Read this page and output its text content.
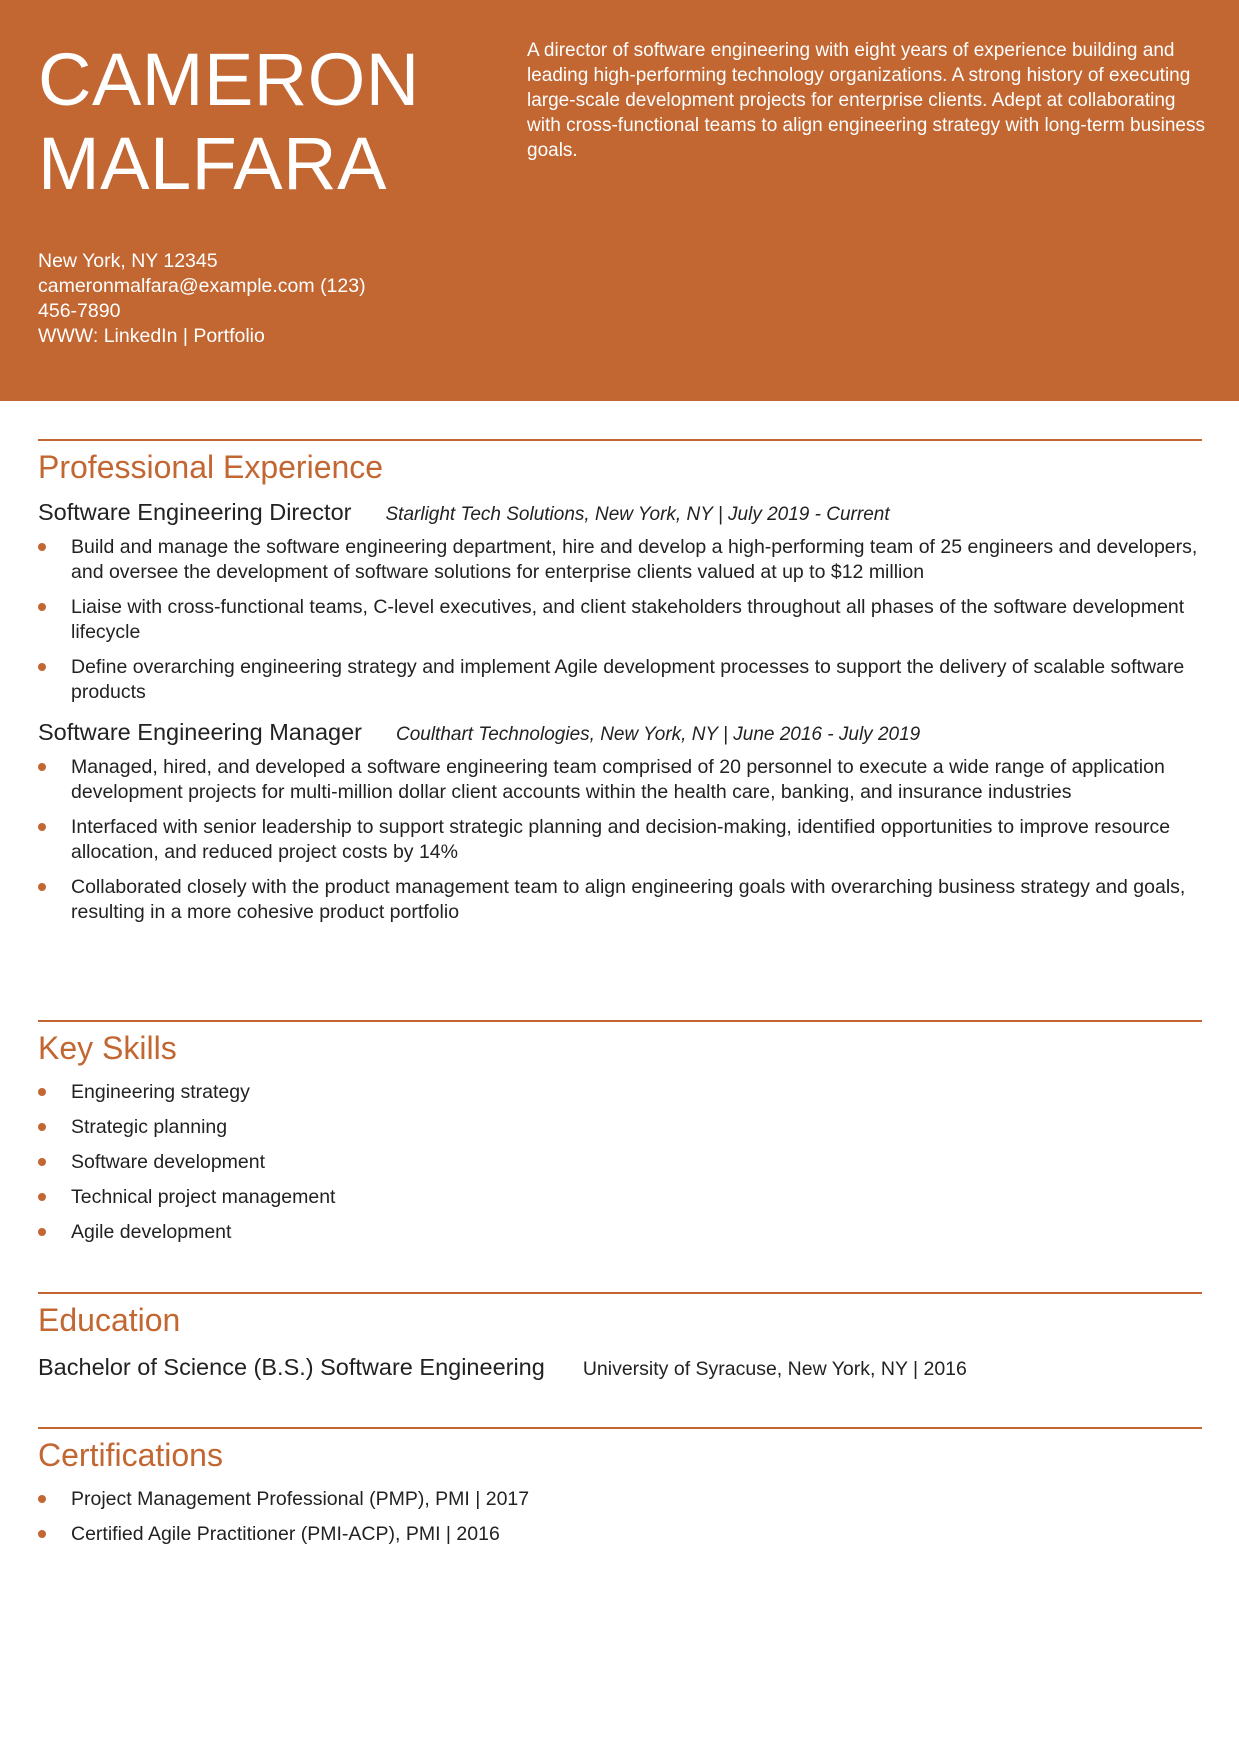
CAMERON
MALFARA
New York, NY 12345
cameronmalfara@example.com (123)
456-7890
WWW: LinkedIn | Portfolio
A director of software engineering with eight years of experience building and leading high-performing technology organizations. A strong history of executing large-scale development projects for enterprise clients. Adept at collaborating with cross-functional teams to align engineering strategy with long-term business goals.
Professional Experience
Software Engineering Director Starlight Tech Solutions, New York, NY | July 2019 - Current
Build and manage the software engineering department, hire and develop a high-performing team of 25 engineers and developers, and oversee the development of software solutions for enterprise clients valued at up to $12 million
Liaise with cross-functional teams, C-level executives, and client stakeholders throughout all phases of the software development lifecycle
Define overarching engineering strategy and implement Agile development processes to support the delivery of scalable software products
Software Engineering Manager Coulthart Technologies, New York, NY | June 2016 - July 2019
Managed, hired, and developed a software engineering team comprised of 20 personnel to execute a wide range of application development projects for multi-million dollar client accounts within the health care, banking, and insurance industries
Interfaced with senior leadership to support strategic planning and decision-making, identified opportunities to improve resource allocation, and reduced project costs by 14%
Collaborated closely with the product management team to align engineering goals with overarching business strategy and goals, resulting in a more cohesive product portfolio
Key Skills
Engineering strategy
Strategic planning
Software development
Technical project management
Agile development
Education
Bachelor of Science (B.S.) Software Engineering University of Syracuse, New York, NY | 2016
Certifications
Project Management Professional (PMP), PMI | 2017
Certified Agile Practitioner (PMI-ACP), PMI | 2016
